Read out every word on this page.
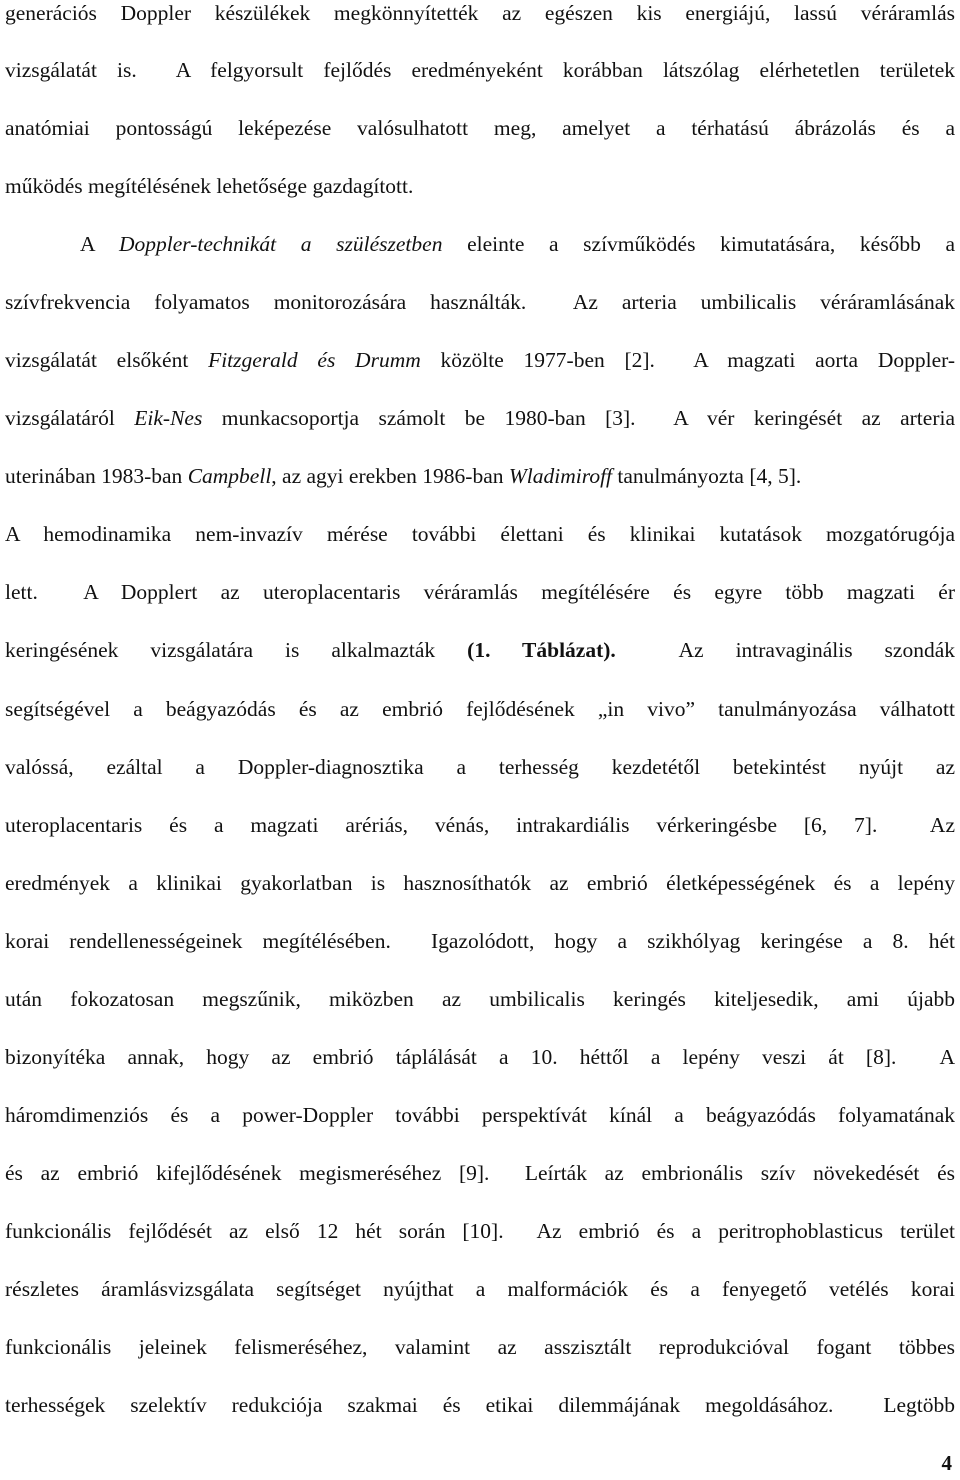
generációs Doppler készülékek megkönnyítették az egészen kis energiájú, lassú véráramlás
vizsgálatát is.  A felgyorsult fejlődés eredményeként korábban látszólag elérhetetlen területek
anatómiai pontosságú leképezése valósulhatott meg, amelyet a térhatású ábrázolás és a
működés megítélésének lehetősége gazdagított.
A Doppler-technikát a szülészetben eleinte a szívműködés kimutatására, később a
szívfrekvencia folyamatos monitorozására használták.  Az arteria umbilicalis véráramlásának
vizsgálatát elsőként Fitzgerald és Drumm közölte 1977-ben [2].  A magzati aorta Doppler-
vizsgálatáról Eik-Nes munkacsoportja számolt be 1980-ban [3].  A vér keringését az arteria
uterinában 1983-ban Campbell, az agyi erekben 1986-ban Wladimiroff tanulmányozta [4, 5].
A hemodinamika nem-invazív mérése további élettani és klinikai kutatások mozgatórugója
lett.  A Dopplert az uteroplacentaris véráramlás megítélésére és egyre több magzati ér
keringésének vizsgálatára is alkalmazták (1. Táblázat).  Az intravaginális szondák
segítségével a beágyazódás és az embrió fejlődésének „in vivo” tanulmányozása válhatott
valóssá, ezáltal a Doppler-diagnosztika a terhesség kezdetétől betekintést nyújt az
uteroplacentaris és a magzati arériás, vénás, intrakardiális vérkeringésbe [6, 7].  Az
eredmények a klinikai gyakorlatban is hasznosíthatók az embrió életképességének és a lepény
korai rendellenességeinek megítélésében.  Igazolódott, hogy a szikhólyag keringése a 8. hét
után fokozatosan megszűnik, miközben az umbilicalis keringés kiteljesedik, ami újabb
bizonyítéka annak, hogy az embrió táplálását a 10. héttől a lepény veszi át [8].  A
háromdimenziós és a power-Doppler további perspektívát kínál a beágyazódás folyamatának
és az embrió kifejlődésének megismeréséhez [9].  Leírták az embrionális szív növekedését és
funkcionális fejlődését az első 12 hét során [10].  Az embrió és a peritrophoblasticus terület
részletes áramlásvizsgálata segítséget nyújthat a malformációk és a fenyegető vetélés korai
funkcionális jeleinek felismeréséhez, valamint az asszisztált reprodukcióval fogant többes
terhességek szelektív redukciója szakmai és etikai dilemmájának megoldásához.  Legtöbb
4
